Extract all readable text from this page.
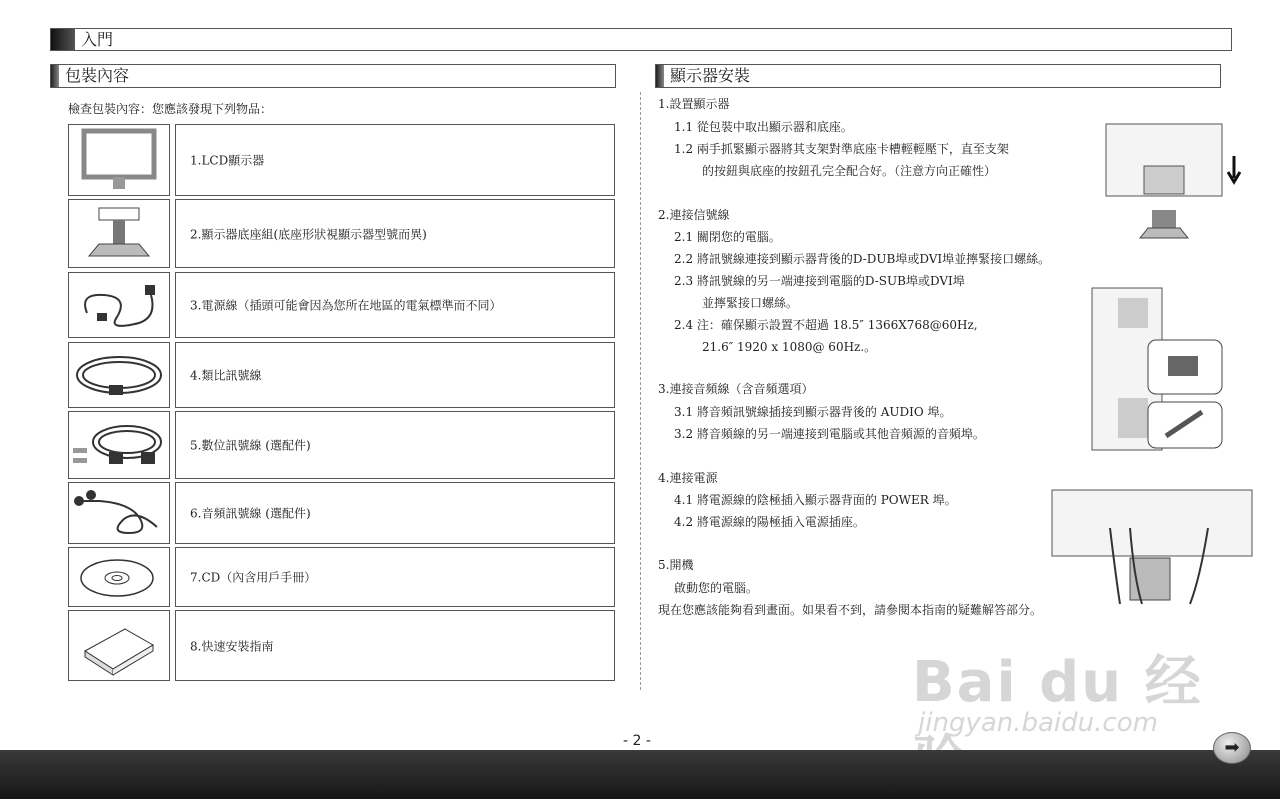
入門
包裝內容	顯示器安裝
檢查包裝內容：您應該發現下列物品：
1.LCD顯示器
2.顯示器底座組(底座形狀視顯示器型號而異)
3.電源線（插頭可能會因為您所在地區的電氣標準而不同）
4.類比訊號線
5.數位訊號線 (選配件)
6.音頻訊號線 (選配件)
7.CD（內含用戶手冊）
8.快速安裝指南
1.設置顯示器
1.1 從包裝中取出顯示器和底座。
1.2 兩手抓緊顯示器將其支架對準底座卡槽輕輕壓下，直至支架
的按鈕與底座的按鈕孔完全配合好。（注意方向正確性）
2.連接信號線
2.1 關閉您的電腦。
2.2 將訊號線連接到顯示器背後的D-DUB埠或DVI埠並擰緊接口螺絲。
2.3 將訊號線的另一端連接到電腦的D-SUB埠或DVI埠
並擰緊接口螺絲。
2.4 注：確保顯示設置不超過 18.5″ 1366X768@60Hz,
21.6″ 1920 x 1080@ 60Hz.。
3.連接音頻線（含音頻選項）
3.1 將音頻訊號線插接到顯示器背後的 AUDIO 埠。
3.2 將音頻線的另一端連接到電腦或其他音頻源的音頻埠。
4.連接電源
4.1 將電源線的陰極插入顯示器背面的 POWER 埠。
4.2 將電源線的陽極插入電源插座。
5.開機
啟動您的電腦。
現在您應該能夠看到畫面。如果看不到，請參閱本指南的疑難解答部分。
Bai du 经
jingyan.baidu.com
- 2 -	➡
